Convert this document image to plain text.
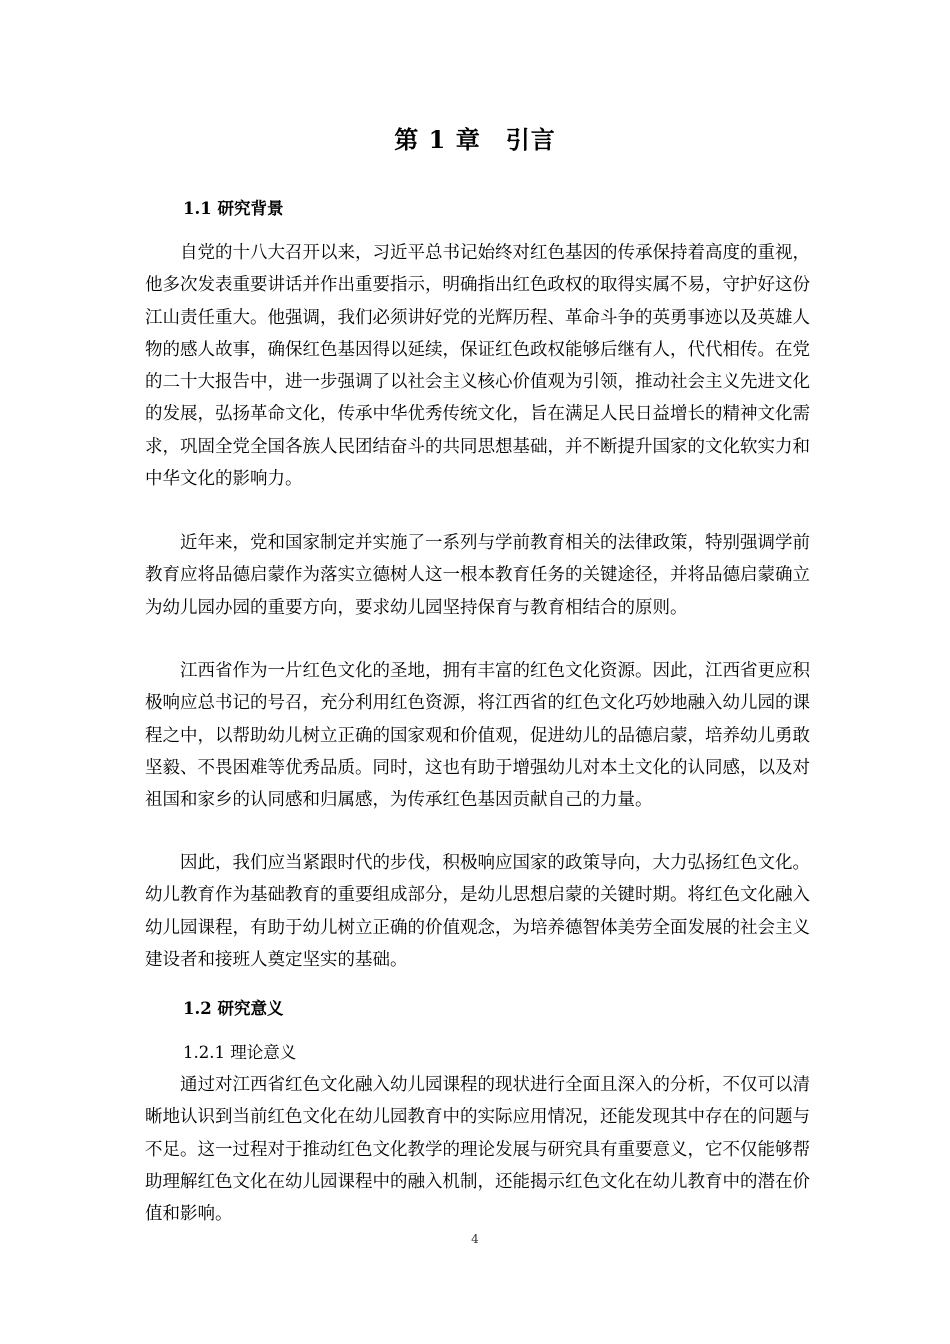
第 1 章　引言
1.1 研究背景

自党的十八大召开以来，习近平总书记始终对红色基因的传承保持着高度的重视，他多次发表重要讲话并作出重要指示，明确指出红色政权的取得实属不易，守护好这份江山责任重大。他强调，我们必须讲好党的光辉历程、革命斗争的英勇事迹以及英雄人物的感人故事，确保红色基因得以延续，保证红色政权能够后继有人，代代相传。在党的二十大报告中，进一步强调了以社会主义核心价值观为引领，推动社会主义先进文化的发展，弘扬革命文化，传承中华优秀传统文化，旨在满足人民日益增长的精神文化需求，巩固全党全国各族人民团结奋斗的共同思想基础，并不断提升国家的文化软实力和中华文化的影响力。

近年来，党和国家制定并实施了一系列与学前教育相关的法律政策，特别强调学前教育应将品德启蒙作为落实立德树人这一根本教育任务的关键途径，并将品德启蒙确立为幼儿园办园的重要方向，要求幼儿园坚持保育与教育相结合的原则。

江西省作为一片红色文化的圣地，拥有丰富的红色文化资源。因此，江西省更应积极响应总书记的号召，充分利用红色资源，将江西省的红色文化巧妙地融入幼儿园的课程之中，以帮助幼儿树立正确的国家观和价值观，促进幼儿的品德启蒙，培养幼儿勇敢坚毅、不畏困难等优秀品质。同时，这也有助于增强幼儿对本土文化的认同感，以及对祖国和家乡的认同感和归属感，为传承红色基因贡献自己的力量。

因此，我们应当紧跟时代的步伐，积极响应国家的政策导向，大力弘扬红色文化。幼儿教育作为基础教育的重要组成部分，是幼儿思想启蒙的关键时期。将红色文化融入幼儿园课程，有助于幼儿树立正确的价值观念，为培养德智体美劳全面发展的社会主义建设者和接班人奠定坚实的基础。

1.2 研究意义
1.2.1 理论意义

通过对江西省红色文化融入幼儿园课程的现状进行全面且深入的分析，不仅可以清晰地认识到当前红色文化在幼儿园教育中的实际应用情况，还能发现其中存在的问题与不足。这一过程对于推动红色文化教学的理论发展与研究具有重要意义，它不仅能够帮助理解红色文化在幼儿园课程中的融入机制，还能揭示红色文化在幼儿教育中的潜在价值和影响。

4
